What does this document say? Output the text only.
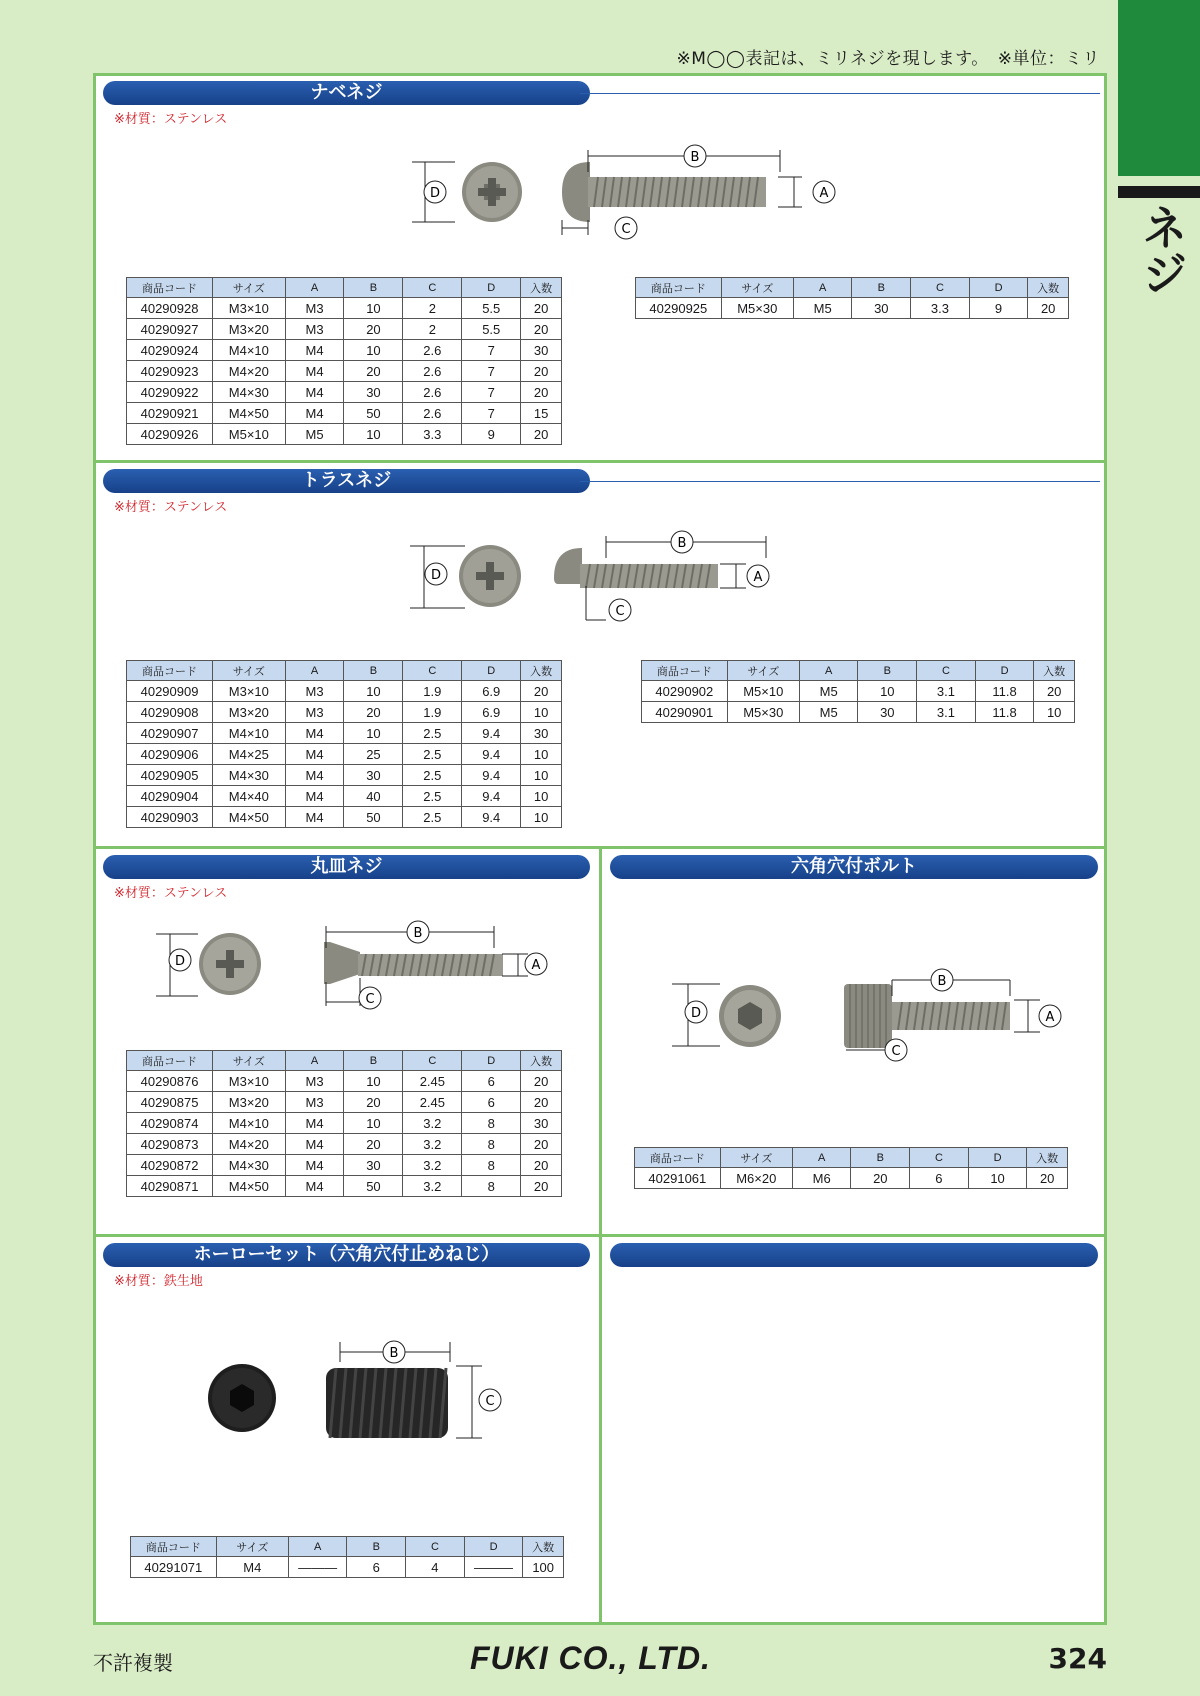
※M◯◯表記は、ミリネジを現します。　※単位：ミリ
ネジ
ナベネジ
※材質：ステンレス
D
B
A
C
商品コード	サイズ	A	B	C	D	入数
40290928	M3×10	M3	10	2	5.5	20
40290927	M3×20	M3	20	2	5.5	20
40290924	M4×10	M4	10	2.6	7	30
40290923	M4×20	M4	20	2.6	7	20
40290922	M4×30	M4	30	2.6	7	20
40290921	M4×50	M4	50	2.6	7	15
40290926	M5×10	M5	10	3.3	9	20
商品コード	サイズ	A	B	C	D	入数
40290925	M5×30	M5	30	3.3	9	20
トラスネジ
※材質：ステンレス
D
B
A
C
商品コード	サイズ	A	B	C	D	入数
40290909	M3×10	M3	10	1.9	6.9	20
40290908	M3×20	M3	20	1.9	6.9	10
40290907	M4×10	M4	10	2.5	9.4	30
40290906	M4×25	M4	25	2.5	9.4	10
40290905	M4×30	M4	30	2.5	9.4	10
40290904	M4×40	M4	40	2.5	9.4	10
40290903	M4×50	M4	50	2.5	9.4	10
商品コード	サイズ	A	B	C	D	入数
40290902	M5×10	M5	10	3.1	11.8	20
40290901	M5×30	M5	30	3.1	11.8	10
丸皿ネジ
※材質：ステンレス
D
B
A
C
商品コード	サイズ	A	B	C	D	入数
40290876	M3×10	M3	10	2.45	6	20
40290875	M3×20	M3	20	2.45	6	20
40290874	M4×10	M4	10	3.2	8	30
40290873	M4×20	M4	20	3.2	8	20
40290872	M4×30	M4	30	3.2	8	20
40290871	M4×50	M4	50	3.2	8	20
六角穴付ボルト
D
B
A
C
商品コード	サイズ	A	B	C	D	入数
40291061	M6×20	M6	20	6	10	20
ホーローセット（六角穴付止めねじ）
※材質：鉄生地
B
C
商品コード	サイズ	A	B	C	D	入数
40291071	M4	———	6	4	———	100
不許複製	FUKI CO., LTD.	324
